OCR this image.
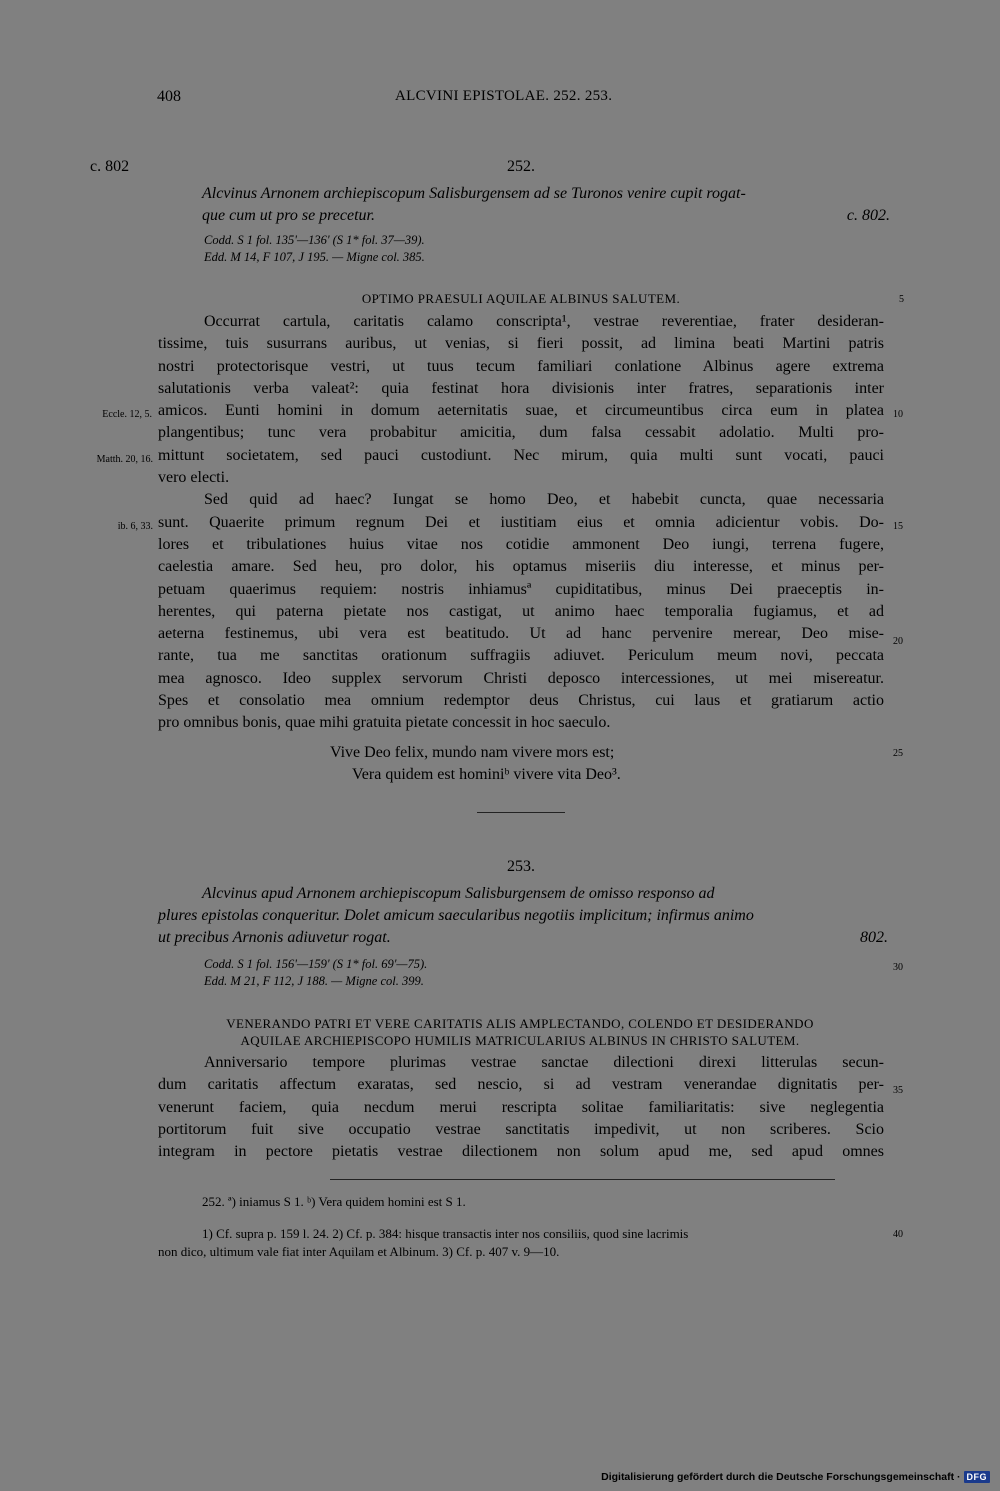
408	ALCVINI EPISTOLAE. 252. 253.
c. 802	252.
Alcvinus Arnonem archiepiscopum Salisburgensem ad se Turonos venire cupit rogat-
que cum ut pro se precetur.	c. 802.
Codd. S 1 fol. 135'—136' (S 1* fol. 37—39).
Edd. M 14, F 107, J 195. — Migne col. 385.
OPTIMO PRAESULI AQUILAE ALBINUS SALUTEM.
Occurrat cartula, caritatis calamo conscripta¹, vestrae reverentiae, frater desideran-
tissime, tuis susurrans auribus, ut venias, si fieri possit, ad limina beati Martini patris
nostri protectorisque vestri, ut tuus tecum familiari conlatione Albinus agere extrema
salutationis verba valeat²: quia festinat hora divisionis inter fratres, separationis inter
amicos. Eunti homini in domum aeternitatis suae, et circumeuntibus circa eum in platea
plangentibus; tunc vera probabitur amicitia, dum falsa cessabit adolatio. Multi pro-
mittunt societatem, sed pauci custodiunt. Nec mirum, quia multi sunt vocati, pauci
vero electi.
Sed quid ad haec? Iungat se homo Deo, et habebit cuncta, quae necessaria
sunt. Quaerite primum regnum Dei et iustitiam eius et omnia adicientur vobis. Do-
lores et tribulationes huius vitae nos cotidie ammonent Deo iungi, terrena fugere,
caelestia amare. Sed heu, pro dolor, his optamus miseriis diu interesse, et minus per-
petuam quaerimus requiem: nostris inhiamusª cupiditatibus, minus Dei praeceptis in-
herentes, qui paterna pietate nos castigat, ut animo haec temporalia fugiamus, et ad
aeterna festinemus, ubi vera est beatitudo. Ut ad hanc pervenire merear, Deo mise-
rante, tua me sanctitas orationum suffragiis adiuvet. Periculum meum novi, peccata
mea agnosco. Ideo supplex servorum Christi deposco intercessiones, ut mei misereatur.
Spes et consolatio mea omnium redemptor deus Christus, cui laus et gratiarum actio
pro omnibus bonis, quae mihi gratuita pietate concessit in hoc saeculo.
Vive Deo felix, mundo nam vivere mors est;
Vera quidem est hominiᵇ vivere vita Deo³.
Eccle. 12, 5.
Matth. 20, 16.
ib. 6, 33.
5
10
15
20
25
30
35
40
253.
Alcvinus apud Arnonem archiepiscopum Salisburgensem de omisso responso ad
plures epistolas conqueritur. Dolet amicum saecularibus negotiis implicitum; infirmus animo
ut precibus Arnonis adiuvetur rogat.	802.
Codd. S 1 fol. 156'—159' (S 1* fol. 69'—75).
Edd. M 21, F 112, J 188. — Migne col. 399.
VENERANDO PATRI ET VERE CARITATIS ALIS AMPLECTANDO, COLENDO ET DESIDERANDO
AQUILAE ARCHIEPISCOPO HUMILIS MATRICULARIUS ALBINUS IN CHRISTO SALUTEM.
Anniversario tempore plurimas vestrae sanctae dilectioni direxi litterulas secun-
dum caritatis affectum exaratas, sed nescio, si ad vestram venerandae dignitatis per-
venerunt faciem, quia necdum merui rescripta solitae familiaritatis: sive neglegentia
portitorum fuit sive occupatio vestrae sanctitatis impedivit, ut non scriberes. Scio
integram in pectore pietatis vestrae dilectionem non solum apud me, sed apud omnes
252. ª) iniamus S 1. ᵇ) Vera quidem homini est S 1.
1) Cf. supra p. 159 l. 24. 2) Cf. p. 384: hisque transactis inter nos consiliis, quod sine lacrimis
non dico, ultimum vale fiat inter Aquilam et Albinum. 3) Cf. p. 407 v. 9—10.
Digitalisierung gefördert durch die Deutsche Forschungsgemeinschaft · DFG
